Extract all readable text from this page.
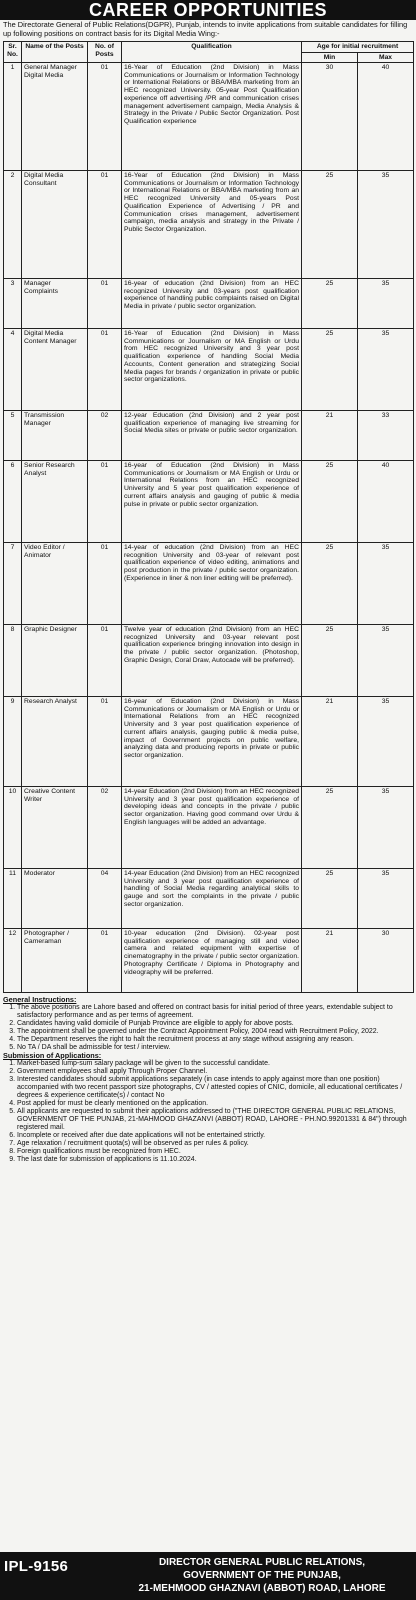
CAREER OPPORTUNITIES
The Directorate General of Public Relations(DGPR), Punjab, intends to invite applications from suitable candidates for filling up following positions on contract basis for its Digital Media Wing:-
Sr. No.	Name of the Posts	No. of Posts	Qualification	Age for initial recruitment	
				Min	Max
1	General Manager Digital Media	01	16-Year of Education (2nd Division) in Mass Communications or Journalism or Information Technology or International Relations or BBA/MBA marketing from an HEC recognized University. 05-year Post Qualification experience off advertising /PR and communication crises management advertisement campaign, Media Analysis & Strategy in the Private / Public Sector Organization. Post Qualification experience	30	40
2	Digital Media Consultant	01	16-Year of Education (2nd Division) in Mass Communications or Journalism or Information Technology or International Relations or BBA/MBA marketing from an HEC recognized University and 05-years Post Qualification Experience of Advertising / PR and Communication crises management, advertisement campaign, media analysis and strategy in the Private / Public Sector Organization.	25	35
3	Manager Complaints	01	16-year of education (2nd Division) from an HEC recognized University and 03-years post qualification experience of handling public complaints raised on Digital Media in private / public sector organization.	25	35
4	Digital Media Content Manager	01	16-Year of Education (2nd Division) in Mass Communications or Journalism or MA English or Urdu from HEC recognized University and 3 year post qualification experience of handling Social Media Accounts, Content generation and strategizing Social Media pages for brands / organization in private or public sector organizations.	25	35
5	Transmission Manager	02	12-year Education (2nd Division) and 2 year post qualification experience of managing live streaming for Social Media sites or private or public sector organization.	21	33
6	Senior Research Analyst	01	16-year of Education (2nd Division) in Mass Communications or Journalism or MA English or Urdu or International Relations from an HEC recognized University and 5 year post qualification experience of current affairs analysis and gauging of public & media pulse in private or public sector organization.	25	40
7	Video Editor / Animator	01	14-year of education (2nd Division) from an HEC recognition University and 03-year of relevant post qualification experience of video editing, animations and post production in the private / public sector organization. (Experience in liner & non liner editing will be preferred).	25	35
8	Graphic Designer	01	Twelve year of education (2nd Division) from an HEC recognized University and 03-year relevant post qualification experience bringing innovation into design in the private / public sector organization. (Photoshop, Graphic Design, Coral Draw, Autocade will be preferred).	25	35
9	Research Analyst	01	16-year of Education (2nd Division) in Mass Communications or Journalism or MA English or Urdu or International Relations from an HEC recognized University and 3 year post qualification experience of current affairs analysis, gauging public & media pulse, impact of Government projects on public welfare, analyzing data and producing reports in private or public sector organization.	21	35
10	Creative Content Writer	02	14-year Education (2nd Division) from an HEC recognized University and 3 year post qualification experience of developing ideas and concepts in the private / public sector organization. Having good command over Urdu & English languages will be added an advantage.	25	35
11	Moderator	04	14-year Education (2nd Division) from an HEC recognized University and 3 year post qualification experience of handling of Social Media regarding analytical skills to gauge and sort the complaints in the private / public sector organization.	25	35
12	Photographer / Cameraman	01	10-year education (2nd Division). 02-year post qualification experience of managing still and video camera and related equipment with expertise of cinematography in the private / public sector organization. Photography Certificate / Diploma in Photography and videography will be preferred.	21	30
General Instructions:
1. The above positions are Lahore based and offered on contract basis for initial period of three years, extendable subject to satisfactory performance and as per terms of agreement.
2. Candidates having valid domicile of Punjab Province are eligible to apply for above posts.
3. The appointment shall be governed under the Contract Appointment Policy, 2004 read with Recruitment Policy, 2022.
4. The Department reserves the right to halt the recruitment process at any stage without assigning any reason.
5. No TA / DA shall be admissible for test / interview.
Submission of Applications:
1. Market-based lump-sum salary package will be given to the successful candidate.
2. Government employees shall apply Through Proper Channel.
3. Interested candidates should submit applications separately (in case intends to apply against more than one position) accompanied with two recent passport size photographs, CV / attested copies of CNIC, domicile, all educational certificates / degrees & experience certificate(s) / contact No
4. Post applied for must be clearly mentioned on the application.
5. All applicants are requested to submit their applications addressed to ("THE DIRECTOR GENERAL PUBLIC RELATIONS, GOVERNMENT OF THE PUNJAB, 21-MAHMOOD GHAZANVI (ABBOT) ROAD, LAHORE - PH.NO.99201331 & 84") through registered mail.
6. Incomplete or received after due date applications will not be entertained strictly.
7. Age relaxation / recruitment quota(s) will be observed as per rules & policy.
8. Foreign qualifications must be recognized from HEC.
9. The last date for submission of applications is 11.10.2024.
IPL-9156	DIRECTOR GENERAL PUBLIC RELATIONS,
GOVERNMENT OF THE PUNJAB,
21-MEHMOOD GHAZNAVI (ABBOT) ROAD, LAHORE
